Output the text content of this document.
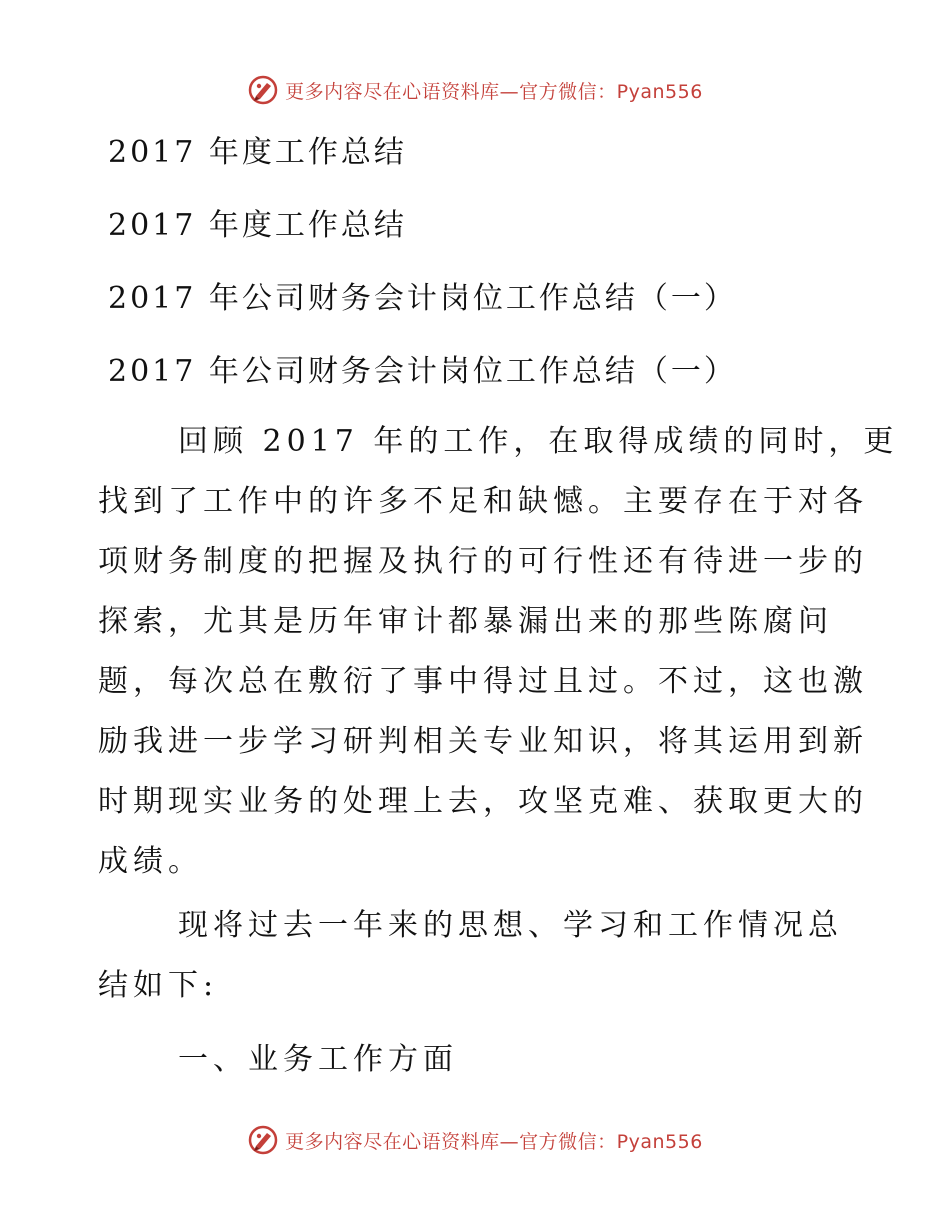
更多内容尽在心语资料库—官方微信：Pyan556
2017 年度工作总结
2017 年度工作总结
2017 年公司财务会计岗位工作总结（一）
2017 年公司财务会计岗位工作总结（一）
回顾 2017 年的工作，在取得成绩的同时，更
找到了工作中的许多不足和缺憾。主要存在于对各
项财务制度的把握及执行的可行性还有待进一步的
探索，尤其是历年审计都暴漏出来的那些陈腐问
题，每次总在敷衍了事中得过且过。不过，这也激
励我进一步学习研判相关专业知识，将其运用到新
时期现实业务的处理上去，攻坚克难、获取更大的
成绩。
现将过去一年来的思想、学习和工作情况总
结如下:
一、业务工作方面
更多内容尽在心语资料库—官方微信：Pyan556
